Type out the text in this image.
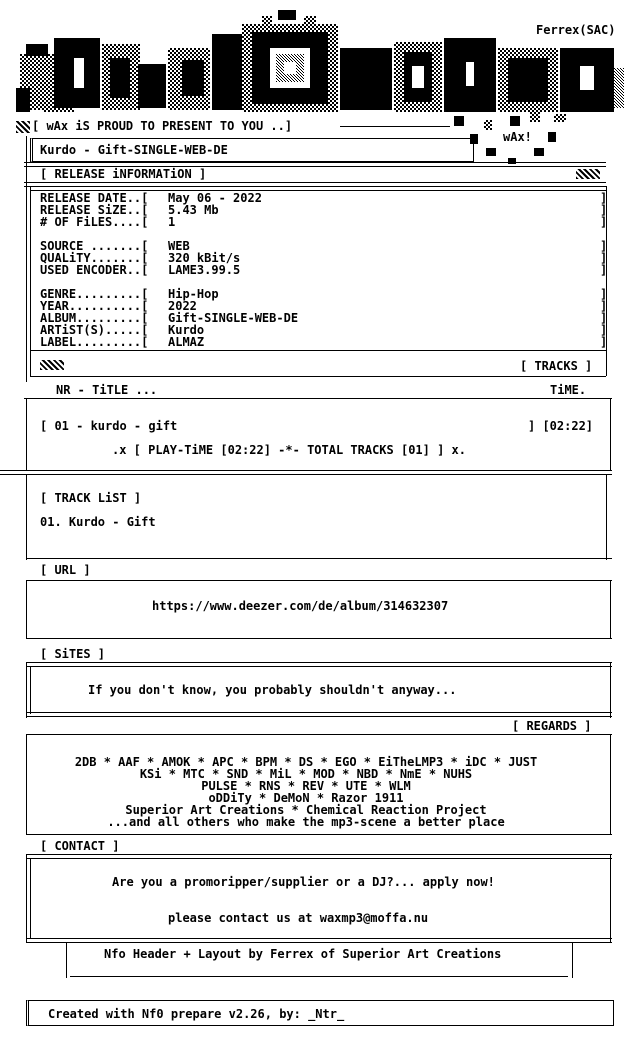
Ferrex(SAC)
wAx!
[ wAx iS PROUD TO PRESENT TO YOU ..]
Kurdo - Gift-SINGLE-WEB-DE
[ RELEASE iNFORMATiON ]
RELEASE DATE..[ May 06 - 2022	]
RELEASE SiZE..[ 5.43 Mb	]
# OF FiLES....[ 1	]
SOURCE .......[ WEB	]
QUALiTY.......[ 320 kBit/s	]
USED ENCODER..[ LAME3.99.5	]
GENRE.........[ Hip-Hop	]
YEAR..........[ 2022	]
ALBUM.........[ Gift-SINGLE-WEB-DE	]
ARTiST(S).....[ Kurdo	]
LABEL.........[ ALMAZ	]
[ TRACKS ]
NR - TiTLE ...	TiME.
[ 01 - kurdo - gift	] [02:22]
.x [ PLAY-TiME [02:22] -*- TOTAL TRACKS [01] ] x.
[ TRACK LiST ]
01. Kurdo - Gift
[ URL ]
https://www.deezer.com/de/album/314632307
[ SiTES ]
If you don't know, you probably shouldn't anyway...
[ REGARDS ]
2DB * AAF * AMOK * APC * BPM * DS * EGO * EiTheLMP3 * iDC * JUST
KSi * MTC * SND * MiL * MOD * NBD * NmE * NUHS
PULSE * RNS * REV * UTE * WLM
oDDiTy * DeMoN * Razor 1911
Superior Art Creations * Chemical Reaction Project
...and all others who make the mp3-scene a better place
[ CONTACT ]
Are you a promoripper/supplier or a DJ?... apply now!
please contact us at waxmp3@moffa.nu
Nfo Header + Layout by Ferrex of Superior Art Creations
Created with Nf0 prepare v2.26, by: _Ntr_
